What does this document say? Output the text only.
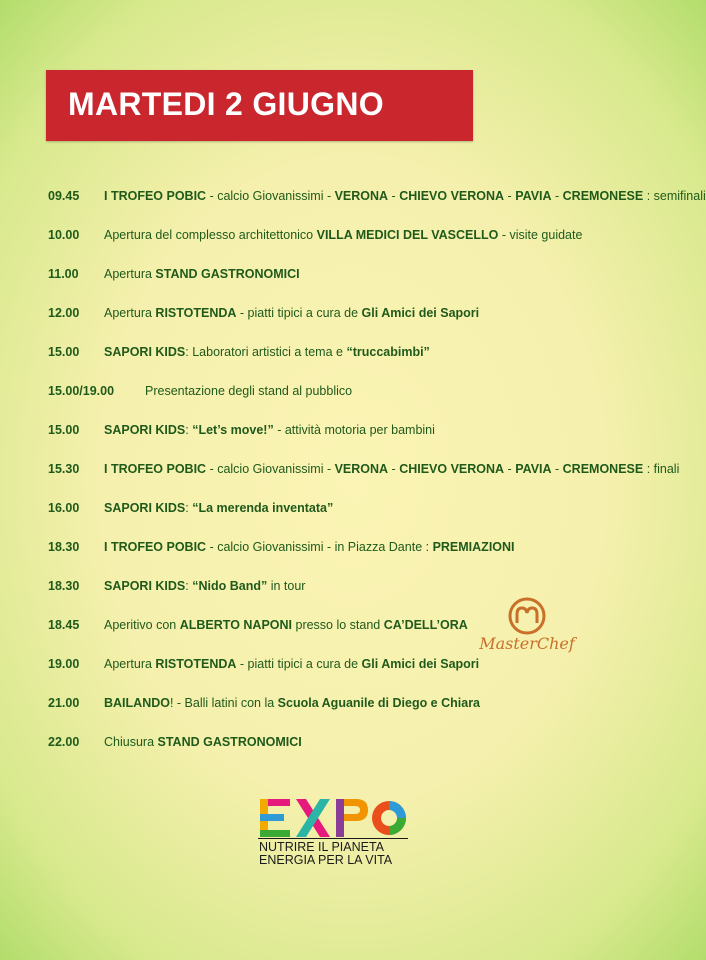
MARTEDI 2 GIUGNO
09.45 I TROFEO POBIC - calcio Giovanissimi - VERONA - CHIEVO VERONA - PAVIA - CREMONESE : semifinali
10.00 Apertura del complesso architettonico VILLA MEDICI DEL VASCELLO - visite guidate
11.00 Apertura STAND GASTRONOMICI
12.00 Apertura RISTOTENDA - piatti tipici a cura de Gli Amici dei Sapori
15.00 SAPORI KIDS: Laboratori artistici a tema e “truccabimbi”
15.00/19.00 Presentazione degli stand al pubblico
15.00 SAPORI KIDS: “Let’s move!” - attività motoria per bambini
15.30 I TROFEO POBIC - calcio Giovanissimi - VERONA - CHIEVO VERONA - PAVIA - CREMONESE : finali
16.00 SAPORI KIDS: “La merenda inventata”
18.30 I TROFEO POBIC - calcio Giovanissimi - in Piazza Dante : PREMIAZIONI
18.30 SAPORI KIDS: “Nido Band” in tour
18.45 Aperitivo con ALBERTO NAPONI presso lo stand CA’DELL’ORA
19.00 Apertura RISTOTENDA - piatti tipici a cura de Gli Amici dei Sapori
21.00 BAILANDO! - Balli latini con la Scuola Aguanile di Diego e Chiara
22.00 Chiusura STAND GASTRONOMICI
MasterChef
NUTRIRE IL PIANETA
ENERGIA PER LA VITA
